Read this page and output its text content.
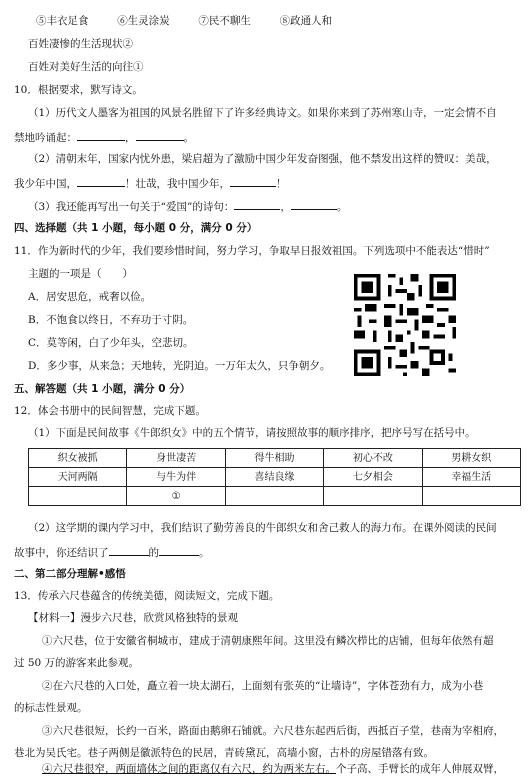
⑤丰衣足食	⑥生灵涂炭	⑦民不聊生	⑧政通人和
百姓凄惨的生活现状②
百姓对美好生活的向往①
10．根据要求，默写诗文。
（1）历代文人墨客为祖国的风景名胜留下了许多经典诗文。如果你来到了苏州寒山寺，一定会情不自
禁地吟诵起：	，	。
（2）清朝末年，国家内忧外患，梁启超为了激励中国少年发奋图强，他不禁发出这样的赞叹：美哉，
我少年中国，	！壮哉，我中国少年，	！
（3）我还能再写出一句关于“爱国”的诗句：	，	。
四、选择题（共 1 小题，每小题 0 分，满分 0 分）
11．作为新时代的少年，我们要珍惜时间，努力学习，争取早日报效祖国。下列选项中不能表达“惜时”
主题的一项是（　　）
A．居安思危，戒奢以俭。
B．不饱食以终日，不弃功于寸阴。
C．莫等闲，白了少年头，空悲切。
D．多少事，从来急；天地转，光阴迫。一万年太久，只争朝夕。
五、解答题（共 1 小题，满分 0 分）
12．体会书册中的民间智慧，完成下题。
（1）下面是民间故事《牛郎织女》中的五个情节，请按照故事的顺序排序，把序号写在括号中。
织女被抓	身世凄苦	得牛相助	初心不改	男耕女织
天河两隔	与牛为伴	喜结良缘	七夕相会	幸福生活
	①			
（2）这学期的课内学习中，我们结识了勤劳善良的牛郎织女和舍己救人的海力布。在课外阅读的民间
故事中，你还结识了	的	。
二、第二部分理解•感悟
13．传承六尺巷蕴含的传统美德，阅读短文，完成下题。
【材料一】漫步六尺巷，欣赏风格独特的景观
①六尺巷，位于安徽省桐城市，建成于清朝康熙年间。这里没有鳞次栉比的店铺，但每年依然有超
过 50 万的游客来此参观。
②在六尺巷的入口处，矗立着一块太湖石，上面刻有张英的“让墙诗”，字体苍劲有力，成为小巷
的标志性景观。
③六尺巷很短，长约一百米，路面由鹅卵石铺就。六尺巷东起西后街，西抵百子堂，巷南为宰相府，
巷北为吴氏宅。巷子两侧是徽派特色的民居，青砖黛瓦，高墙小窗，古朴的房屋错落有致。
④六尺巷很窄，两面墙体之间的距离仅有六尺，约为两米左右。个子高、手臂长的成年人伸展双臂，
